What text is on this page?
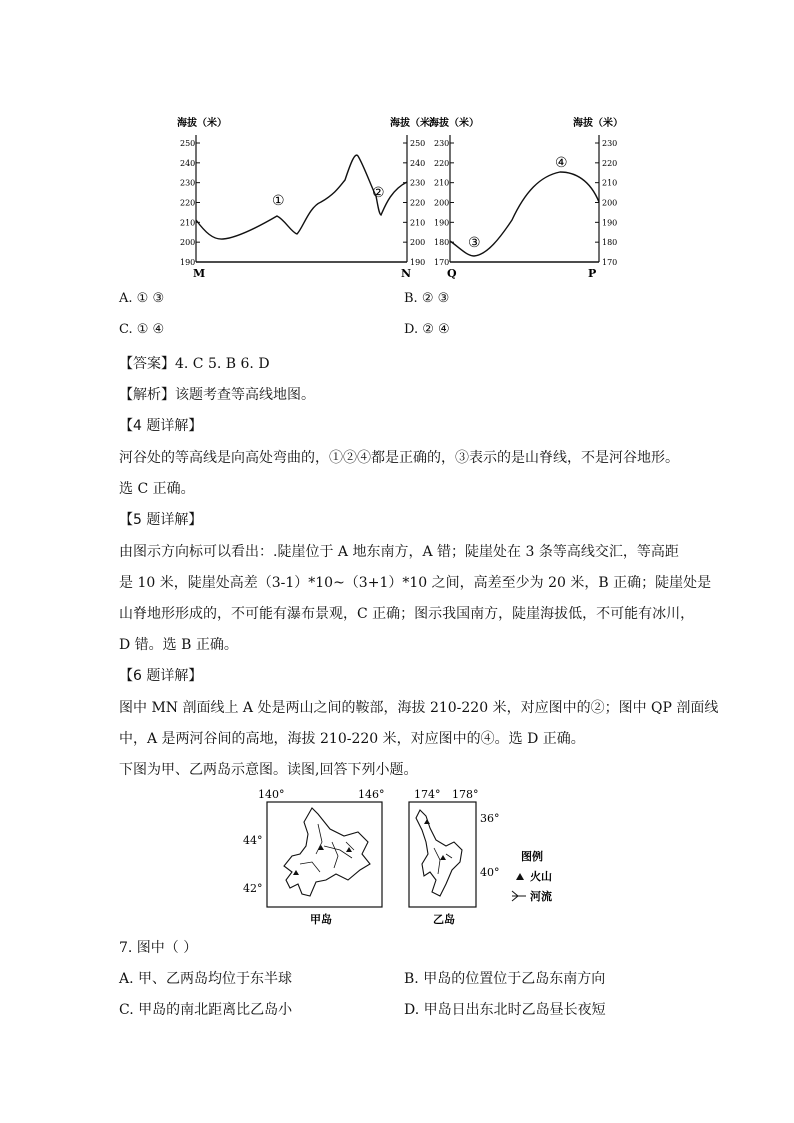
海拔（米）	海拔（米）
250
240
230
220
210
200
190
250
240
230
220
210
200
190
①	②
M	N
海拔（米）	海拔（米）
230
220
210
200
190
180
170
230
220
210
200
190
180
170
③
④
Q	P
A. ① ③	B. ② ③
C. ① ④	D. ② ④
【答案】4. C 5. B 6. D
【解析】该题考查等高线地图。
【4 题详解】
河谷处的等高线是向高处弯曲的，①②④都是正确的，③表示的是山脊线，不是河谷地形。
选 C 正确。
【5 题详解】
由图示方向标可以看出：.陡崖位于 A 地东南方，A 错；陡崖处在 3 条等高线交汇，等高距
是 10 米，陡崖处高差（3-1）*10~（3+1）*10 之间，高差至少为 20 米，B 正确；陡崖处是
山脊地形形成的，不可能有瀑布景观，C 正确；图示我国南方，陡崖海拔低，不可能有冰川，
D 错。选 B 正确。
【6 题详解】
图中 MN 剖面线上 A 处是两山之间的鞍部，海拔 210-220 米，对应图中的②；图中 QP 剖面线
中，A 是两河谷间的高地，海拔 210-220 米，对应图中的④。选 D 正确。
下图为甲、乙两岛示意图。读图,回答下列小题。
140°	146°
44°
42°
甲岛
174° 178°
36°
40°
乙岛
图例
火山
河流
7. 图中（ ）
A. 甲、乙两岛均位于东半球	B. 甲岛的位置位于乙岛东南方向
C. 甲岛的南北距离比乙岛小	D. 甲岛日出东北时乙岛昼长夜短
